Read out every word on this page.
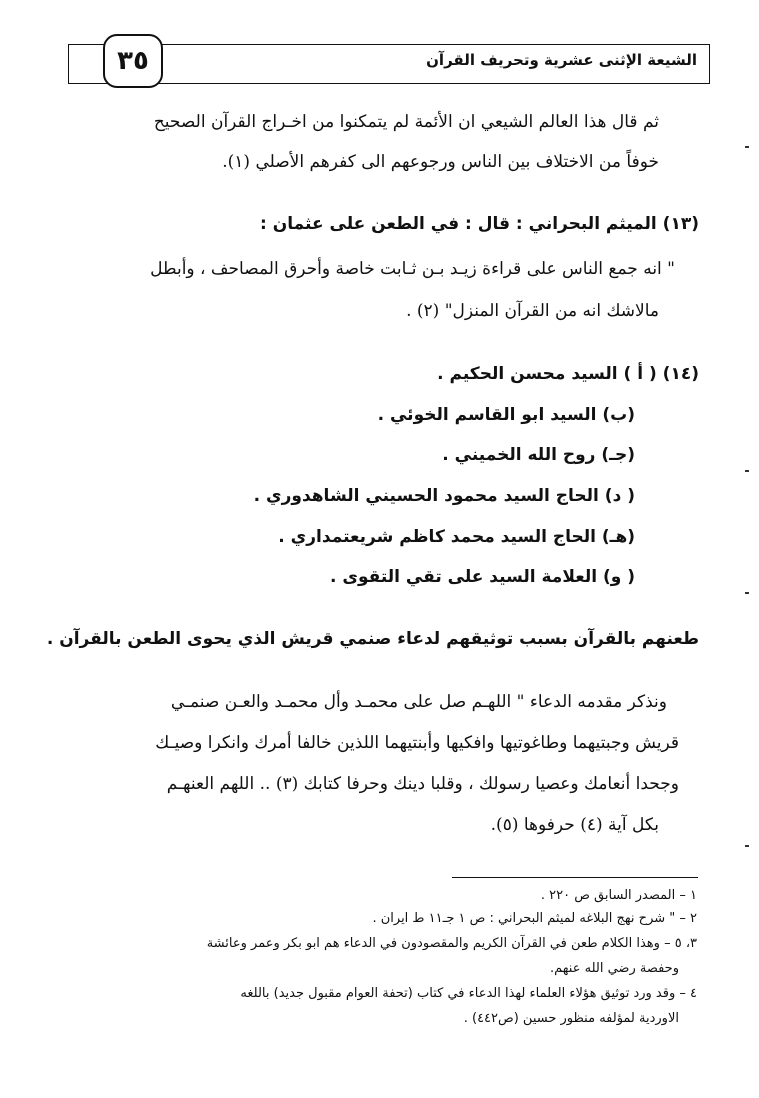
٣٥	الشيعة الإثنى عشرية وتحريف القرآن
ثم قال هذا العالم الشيعي ان الأئمة لم يتمكنوا من اخـراج القرآن الصحيح
خوفاً من الاختلاف بين الناس ورجوعهم الى كفرهم الأصلي (١).
(١٣) الميثم البحراني : قال : في الطعن على عثمان :
" انه جمع الناس على قراءة زيـد بـن ثـابت خاصة وأحرق المصاحف ، وأبطل
مالاشك انه من القرآن المنزل" (٢) .
(١٤) ( أ ) السيد محسن الحكيم .
(ب) السيد ابو القاسم الخوئي .
(جـ) روح الله الخميني .
( د) الحاج السيد محمود الحسيني الشاهدوري .
(هـ) الحاج السيد محمد كاظم شريعتمداري .
( و) العلامة السيد على تقي التقوى .
طعنهم بالقرآن بسبب توثيقهم لدعاء صنمي قريش الذي يحوى الطعن بالقرآن .
ونذكر مقدمه الدعاء " اللهـم صل على محمـد وأل محمـد والعـن صنمـي
قريش وجبتيهما وطاغوتيها وافكيها وأبنتيهما اللذين خالفا أمرك وانكرا وصيـك
وجحدا أنعامك وعصيا رسولك ، وقلبا دينك وحرفا كتابك (٣) .. اللهم العنهـم
بكل آية (٤) حرفوها (٥).
١ – المصدر السابق ص ٢٢٠ .
٢ – " شرح نهج البلاغه لميثم البحراني : ص ١ جـ١١ ط ايران .
٣، ٥ – وهذا الكلام طعن في القرآن الكريم والمقصودون في الدعاء هم ابو بكر وعمر وعائشة
وحفصة رضي الله عنهم.
٤ – وقد ورد توثيق هؤلاء العلماء لهذا الدعاء في كتاب (تحفة العوام مقبول جديد) باللغه
الاوردية لمؤلفه منظور حسين (ص٤٤٢) .
